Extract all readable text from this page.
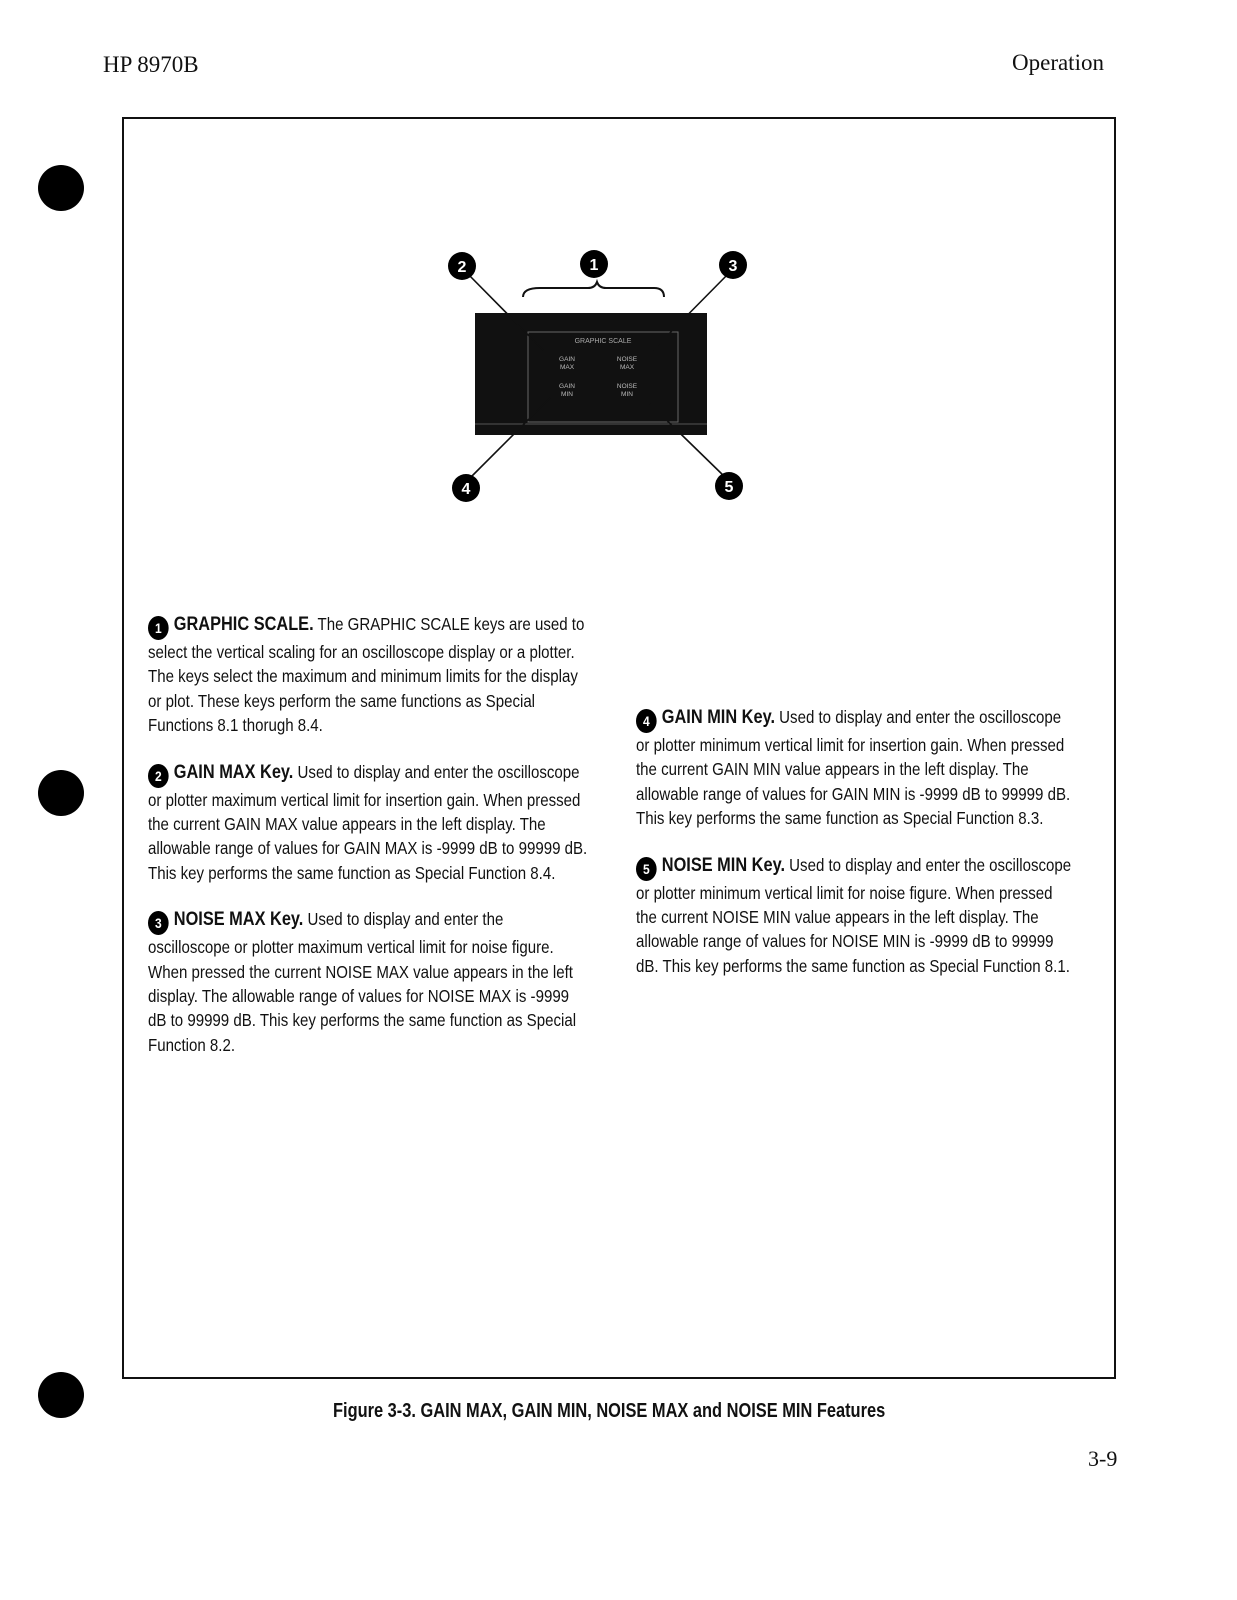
HP 8970B	Operation
GRAPHIC SCALE
GAIN
MAX
NOISE
MAX
GAIN
MIN
NOISE
MIN
2	1	3
4	5

1 GRAPHIC SCALE. The GRAPHIC SCALE keys are used to select the vertical scaling for an oscilloscope display or a plotter. The keys select the maximum and minimum limits for the display or plot. These keys perform the same functions as Special Functions 8.1 thorugh 8.4.

2 GAIN MAX Key. Used to display and enter the oscilloscope or plotter maximum vertical limit for insertion gain. When pressed the current GAIN MAX value appears in the left display. The allowable range of values for GAIN MAX is -9999 dB to 99999 dB. This key performs the same function as Special Function 8.4.

3 NOISE MAX Key. Used to display and enter the oscilloscope or plotter maximum vertical limit for noise figure. When pressed the current NOISE MAX value appears in the left display. The allowable range of values for NOISE MAX is -9999 dB to 99999 dB. This key performs the same function as Special Function 8.2.

4 GAIN MIN Key. Used to display and enter the oscilloscope or plotter minimum vertical limit for insertion gain. When pressed the current GAIN MIN value appears in the left display. The allowable range of values for GAIN MIN is -9999 dB to 99999 dB. This key performs the same function as Special Function 8.3.

5 NOISE MIN Key. Used to display and enter the oscilloscope or plotter minimum vertical limit for noise figure. When pressed the current NOISE MIN value appears in the left display. The allowable range of values for NOISE MIN is -9999 dB to 99999 dB. This key performs the same function as Special Function 8.1.

Figure 3-3. GAIN MAX, GAIN MIN, NOISE MAX and NOISE MIN Features
3-9
